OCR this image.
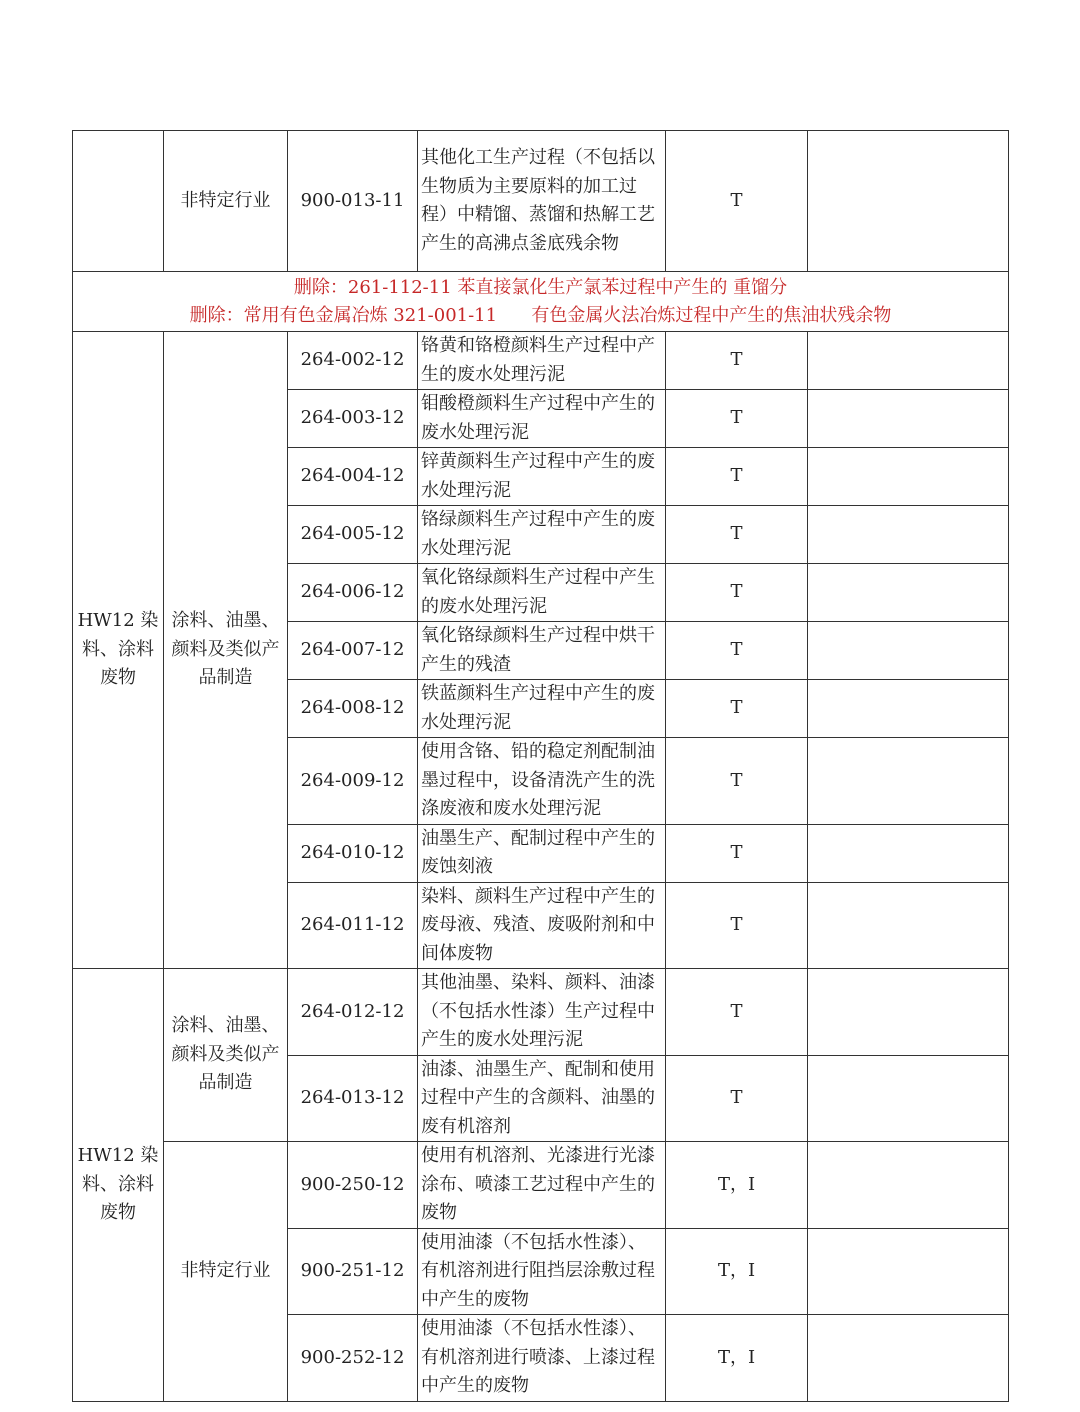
	非特定行业	900-013-11	其他化工生产过程（不包括以生物质为主要原料的加工过程）中精馏、蒸馏和热解工艺产生的高沸点釜底残余物	T	

删除：261-112-11 苯直接氯化生产氯苯过程中产生的 重馏分
删除：常用有色金属冶炼 321-001-11      有色金属火法冶炼过程中产生的焦油状残余物					

HW12 染料、涂料废物	涂料、油墨、颜料及类似产品制造	264-002-12	铬黄和铬橙颜料生产过程中产生的废水处理污泥	T	
		264-003-12	钼酸橙颜料生产过程中产生的废水处理污泥	T	
		264-004-12	锌黄颜料生产过程中产生的废水处理污泥	T	
		264-005-12	铬绿颜料生产过程中产生的废水处理污泥	T	
		264-006-12	氧化铬绿颜料生产过程中产生的废水处理污泥	T	
		264-007-12	氧化铬绿颜料生产过程中烘干产生的残渣	T	
		264-008-12	铁蓝颜料生产过程中产生的废水处理污泥	T	
		264-009-12	使用含铬、铅的稳定剂配制油墨过程中，设备清洗产生的洗涤废液和废水处理污泥	T	
		264-010-12	油墨生产、配制过程中产生的废蚀刻液	T	
		264-011-12	染料、颜料生产过程中产生的废母液、残渣、废吸附剂和中间体废物	T	
HW12 染料、涂料废物	涂料、油墨、颜料及类似产品制造	264-012-12	其他油墨、染料、颜料、油漆（不包括水性漆）生产过程中产生的废水处理污泥	T	
		264-013-12	油漆、油墨生产、配制和使用过程中产生的含颜料、油墨的废有机溶剂	T	
	非特定行业	900-250-12	使用有机溶剂、光漆进行光漆涂布、喷漆工艺过程中产生的废物	T，I	
		900-251-12	使用油漆（不包括水性漆）、有机溶剂进行阻挡层涂敷过程中产生的废物	T，I	
		900-252-12	使用油漆（不包括水性漆）、有机溶剂进行喷漆、上漆过程中产生的废物	T，I	
